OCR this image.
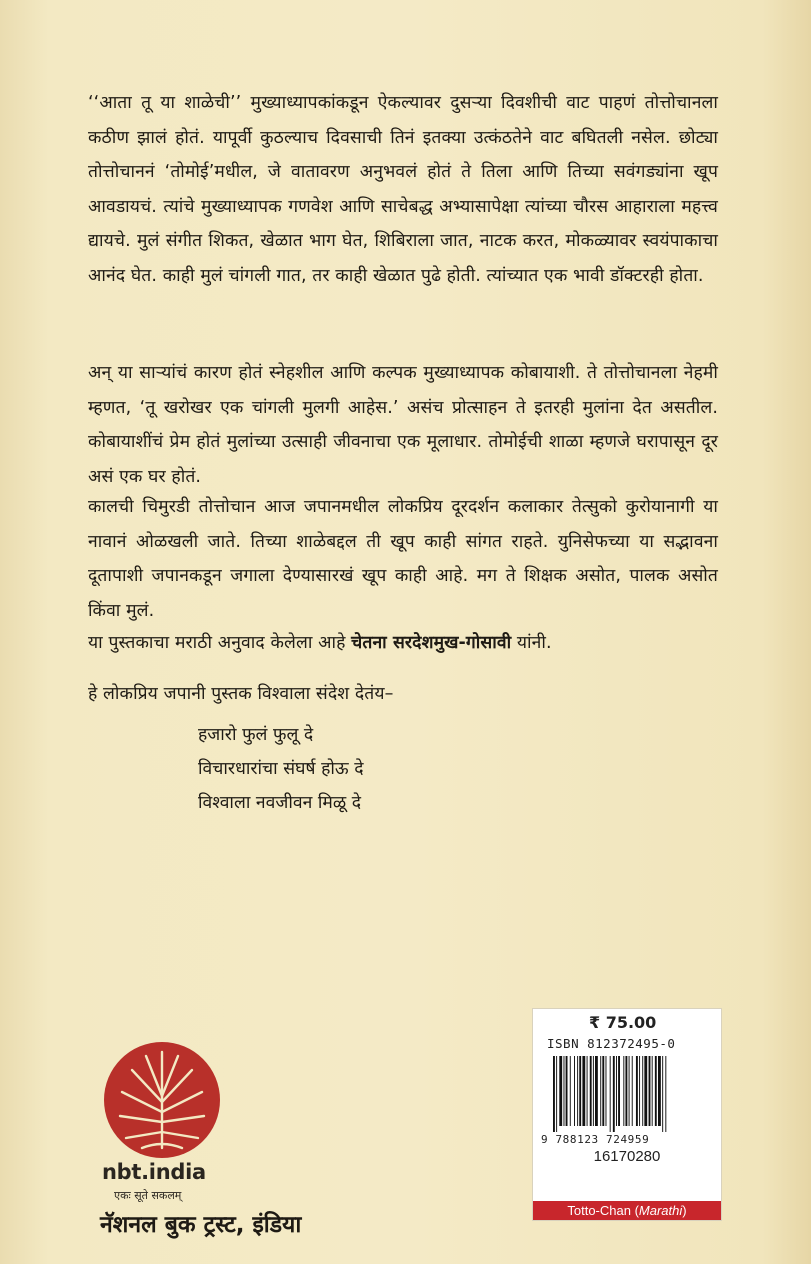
‘‘आता तू या शाळेची’’ मुख्याध्यापकांकडून ऐकल्यावर दुसऱ्या दिवशीची वाट पाहणं तोत्तोचानला कठीण झालं होतं. यापूर्वी कुठल्याच दिवसाची तिनं इतक्या उत्कंठतेने वाट बघितली नसेल. छोट्या तोत्तोचाननं ‘तोमोई’मधील, जे वातावरण अनुभवलं होतं ते तिला आणि तिच्या सवंगड्यांना खूप आवडायचं. त्यांचे मुख्याध्यापक गणवेश आणि साचेबद्ध अभ्यासापेक्षा त्यांच्या चौरस आहाराला महत्त्व द्यायचे. मुलं संगीत शिकत, खेळात भाग घेत, शिबिराला जात, नाटक करत, मोकळ्यावर स्वयंपाकाचा आनंद घेत. काही मुलं चांगली गात, तर काही खेळात पुढे होती. त्यांच्यात एक भावी डॉक्टरही होता.

अन् या साऱ्यांचं कारण होतं स्नेहशील आणि कल्पक मुख्याध्यापक कोबायाशी. ते तोत्तोचानला नेहमी म्हणत, ‘तू खरोखर एक चांगली मुलगी आहेस.’ असंच प्रोत्साहन ते इतरही मुलांना देत असतील. कोबायाशींचं प्रेम होतं मुलांच्या उत्साही जीवनाचा एक मूलाधार. तोमोईची शाळा म्हणजे घरापासून दूर असं एक घर होतं.

कालची चिमुरडी तोत्तोचान आज जपानमधील लोकप्रिय दूरदर्शन कलाकार तेत्सुको कुरोयानागी या नावानं ओळखली जाते. तिच्या शाळेबद्दल ती खूप काही सांगत राहते. युनिसेफच्या या सद्भावना दूतापाशी जपानकडून जगाला देण्यासारखं खूप काही आहे. मग ते शिक्षक असोत, पालक असोत किंवा मुलं.

या पुस्तकाचा मराठी अनुवाद केलेला आहे चेतना सरदेशमुख-गोसावी यांनी.

हे लोकप्रिय जपानी पुस्तक विश्वाला संदेश देतंय–

हजारो फुलं फुलू दे
विचारधारांचा संघर्ष होऊ दे
विश्वाला नवजीवन मिळू दे
nbt.india
एकः सूते सकलम्
नॅशनल बुक ट्रस्ट, इंडिया
₹ 75.00
ISBN 812372495-0
9 788123 724959
16170280
Totto-Chan (Marathi)
